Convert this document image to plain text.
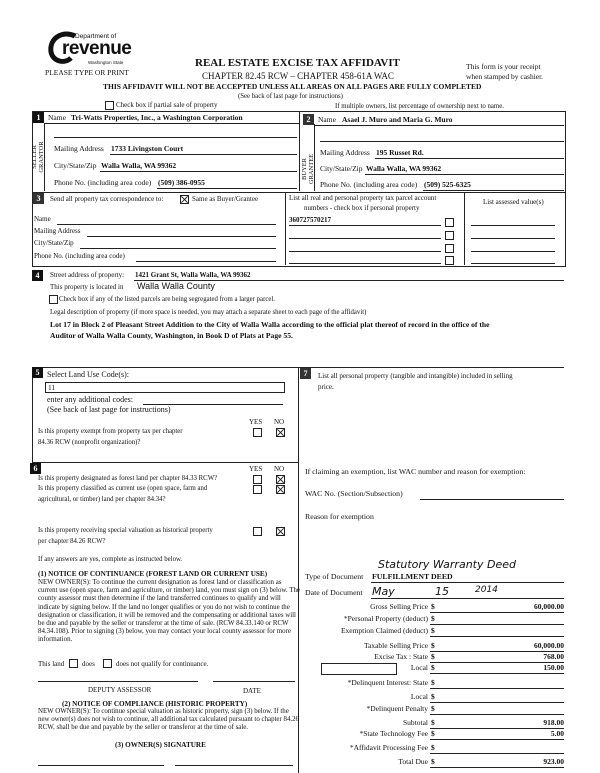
Department of
revenue
Washington State
PLEASE TYPE OR PRINT
REAL ESTATE EXCISE TAX AFFIDAVIT
CHAPTER 82.45 RCW – CHAPTER 458-61A WAC
THIS AFFIDAVIT WILL NOT BE ACCEPTED UNLESS ALL AREAS ON ALL PAGES ARE FULLY COMPLETED
(See back of last page for instructions)
This form is your receipt
when stamped by cashier.
Check box if partial sale of property	If multiple owners, list percentage of ownership next to name.
1
SELLER GRANTOR
Name Tri-Watts Properties, Inc., a Washington Corporation
Mailing Address 1733 Livingston Court
City/State/Zip Walla Walla, WA 99362
Phone No. (including area code) (509) 386-0955
2
BUYER GRANTEE
Name Asael J. Muro and Maria G. Muro
Mailing Address 195 Russet Rd.
City/State/Zip Walla Walla, WA 99362
Phone No. (including area code) (509) 525-6325
3	Send all property tax correspondence to:	Same as Buyer/Grantee
Name
Mailing Address
City/State/Zip
Phone No. (including area code)
List all real and personal property tax parcel account
numbers - check box if personal property
List assessed value(s)
360727570217
4	Street address of property: 1421 Grant St, Walla Walla, WA 99362
This property is located in Walla Walla County
Check box if any of the listed parcels are being segregated from a larger parcel.
Legal description of property (if more space is needed, you may attach a separate sheet to each page of the affidavit)
Lot 17 in Block 2 of Pleasant Street Addition to the City of Walla Walla according to the official plat thereof of record in the office of the
Auditor of Walla Walla County, Washington, in Book D of Plats at Page 55.
5 Select Land Use Code(s):
11
enter any additional codes:
(See back of last page for instructions)
YES NO
Is this property exempt from property tax per chapter
84.36 RCW (nonprofit organization)?
6	YES NO
Is this property designated as forest land per chapter 84.33 RCW?
Is this property classified as current use (open space, farm and
agricultural, or timber) land per chapter 84.34?
Is this property receiving special valuation as historical property
per chapter 84.26 RCW?
If any answers are yes, complete as instructed below.
(1) NOTICE OF CONTINUANCE (FOREST LAND OR CURRENT USE)
NEW OWNER(S): To continue the current designation as forest land or classification as current use (open space, farm and agriculture, or timber) land, you must sign on (3) below. The county assessor must then determine if the land transferred continues to qualify and will indicate by signing below. If the land no longer qualifies or you do not wish to continue the designation or classification, it will be removed and the compensating or additional taxes will be due and payable by the seller or transferor at the time of sale. (RCW 84.33.140 or RCW 84.34.108). Prior to signing (3) below, you may contact your local county assessor for more information.
This land	does	does not qualify for continuance.
DEPUTY ASSESSOR	DATE
(2) NOTICE OF COMPLIANCE (HISTORIC PROPERTY)
NEW OWNER(S): To continue special valuation as historic property, sign (3) below. If the new owner(s) does not wish to continue, all additional tax calculated pursuant to chapter 84.26 RCW, shall be due and payable by the seller or transferor at the time of sale.
(3) OWNER(S) SIGNATURE
7	List all personal property (tangible and intangible) included in selling
price.
If claiming an exemption, list WAC number and reason for exemption:
WAC No. (Section/Subsection)
Reason for exemption
Statutory Warranty Deed
Type of Document FULFILLMENT DEED
Date of Document May	15	2014
Gross Selling Price $	60,000.00
*Personal Property (deduct) $
Exemption Claimed (deduct) $
Taxable Selling Price $	60,000.00
Excise Tax : State $	768.00
Local $	150.00
*Delinquent Interest: State $
Local $
*Delinquent Penalty $
Subtotal $	918.00
*State Technology Fee $	5.00
*Affidavit Processing Fee $
Total Due $	923.00
